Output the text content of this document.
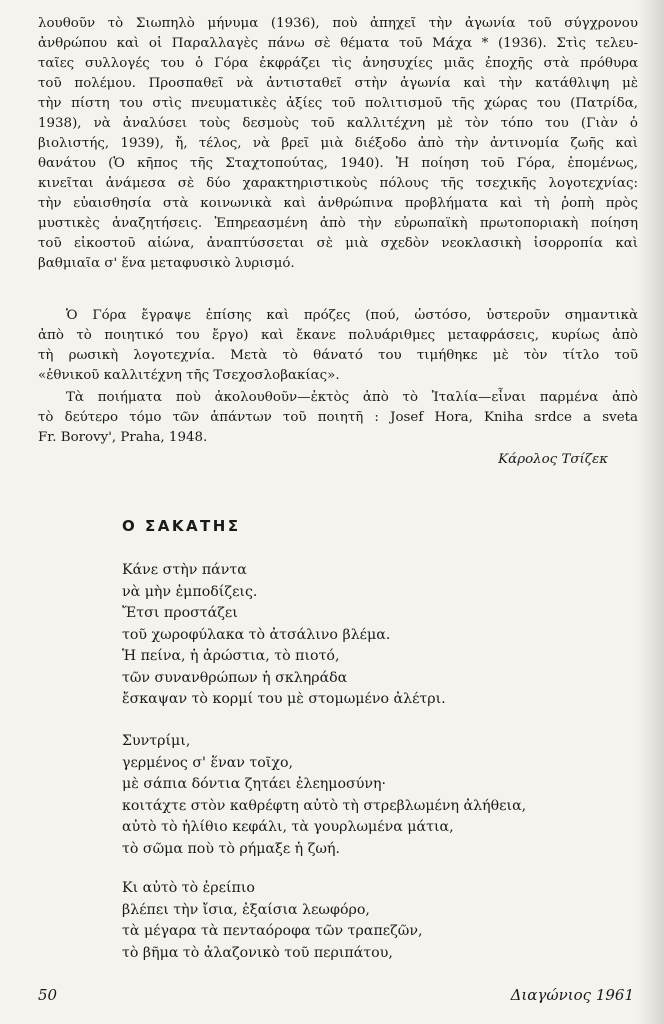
λουθοῦν τὸ Σιωπηλὸ μήνυμα (1936), ποὺ ἀπηχεῖ τὴν ἀγωνία τοῦ σύγχρονου
ἀνθρώπου καὶ οἱ Παραλλαγὲς πάνω σὲ θέματα τοῦ Μάχα * (1936). Στὶς τελευ-
ταῖες συλλογές του ὁ Γόρα ἐκφράζει τὶς ἀνησυχίες μιᾶς ἐποχῆς στὰ πρόθυρα
τοῦ πολέμου. Προσπαθεῖ νὰ ἀντισταθεῖ στὴν ἀγωνία καὶ τὴν κατάθλιψη μὲ
τὴν πίστη του στὶς πνευματικὲς ἀξίες τοῦ πολιτισμοῦ τῆς χώρας του (Πατρίδα,
1938), νὰ ἀναλύσει τοὺς δεσμοὺς τοῦ καλλιτέχνη μὲ τὸν τόπο του (Γιὰν ὁ
βιολιστής, 1939), ἤ, τέλος, νὰ βρεῖ μιὰ διέξοδο ἀπὸ τὴν ἀντινομία ζωῆς καὶ
θανάτου (Ὁ κῆπος τῆς Σταχτοπούτας, 1940). Ἡ ποίηση τοῦ Γόρα, ἑπομένως,
κινεῖται ἀνάμεσα σὲ δύο χαρακτηριστικοὺς πόλους τῆς τσεχικῆς λογοτεχνίας:
τὴν εὐαισθησία στὰ κοινωνικὰ καὶ ἀνθρώπινα προβλήματα καὶ τὴ ῥοπὴ πρὸς
μυστικὲς ἀναζητήσεις. Ἐπηρεασμένη ἀπὸ τὴν εὐρωπαϊκὴ πρωτοποριακὴ ποίηση
τοῦ εἰκοστοῦ αἰώνα, ἀναπτύσσεται σὲ μιὰ σχεδὸν νεοκλασικὴ ἰσορροπία καὶ
βαθμιαῖα σ' ἕνα μεταφυσικὸ λυρισμό.
Ὁ Γόρα ἔγραψε ἐπίσης καὶ πρόζες (πού, ὡστόσο, ὑστεροῦν σημαντικὰ
ἀπὸ τὸ ποιητικό του ἔργο) καὶ ἔκανε πολυάριθμες μεταφράσεις, κυρίως ἀπὸ
τὴ ρωσικὴ λογοτεχνία. Μετὰ τὸ θάνατό του τιμήθηκε μὲ τὸν τίτλο τοῦ
«ἐθνικοῦ καλλιτέχνη τῆς Τσεχοσλοβακίας».
Τὰ ποιήματα ποὺ ἀκολουθοῦν—ἐκτὸς ἀπὸ τὸ Ἰταλία—εἶναι παρμένα ἀπὸ
τὸ δεύτερο τόμο τῶν ἁπάντων τοῦ ποιητῆ : Josef Hora, Kniha srdce a sveta
Fr. Borovy', Praha, 1948.
Κάρολος Τσίζεκ
Ο ΣΑΚΑΤΗΣ
Κάνε στὴν πάντα
νὰ μὴν ἐμποδίζεις.
Ἔτσι προστάζει
τοῦ χωροφύλακα τὸ ἀτσάλινο βλέμα.
Ἡ πείνα, ἡ ἀρώστια, τὸ πιοτό,
τῶν συνανθρώπων ἡ σκληράδα
ἔσκαψαν τὸ κορμί του μὲ στομωμένο ἀλέτρι.
Συντρίμι,
γερμένος σ' ἕναν τοῖχο,
μὲ σάπια δόντια ζητάει ἐλεημοσύνη·
κοιτάχτε στὸν καθρέφτη αὐτὸ τὴ στρεβλωμένη ἀλήθεια,
αὐτὸ τὸ ἠλίθιο κεφάλι, τὰ γουρλωμένα μάτια,
τὸ σῶμα ποὺ τὸ ρήμαξε ἡ ζωή.
Κι αὐτὸ τὸ ἐρείπιο
βλέπει τὴν ἴσια, ἐξαίσια λεωφόρο,
τὰ μέγαρα τὰ πενταόροφα τῶν τραπεζῶν,
τὸ βῆμα τὸ ἀλαζονικὸ τοῦ περιπάτου,
50	Διαγώνιος 1961
